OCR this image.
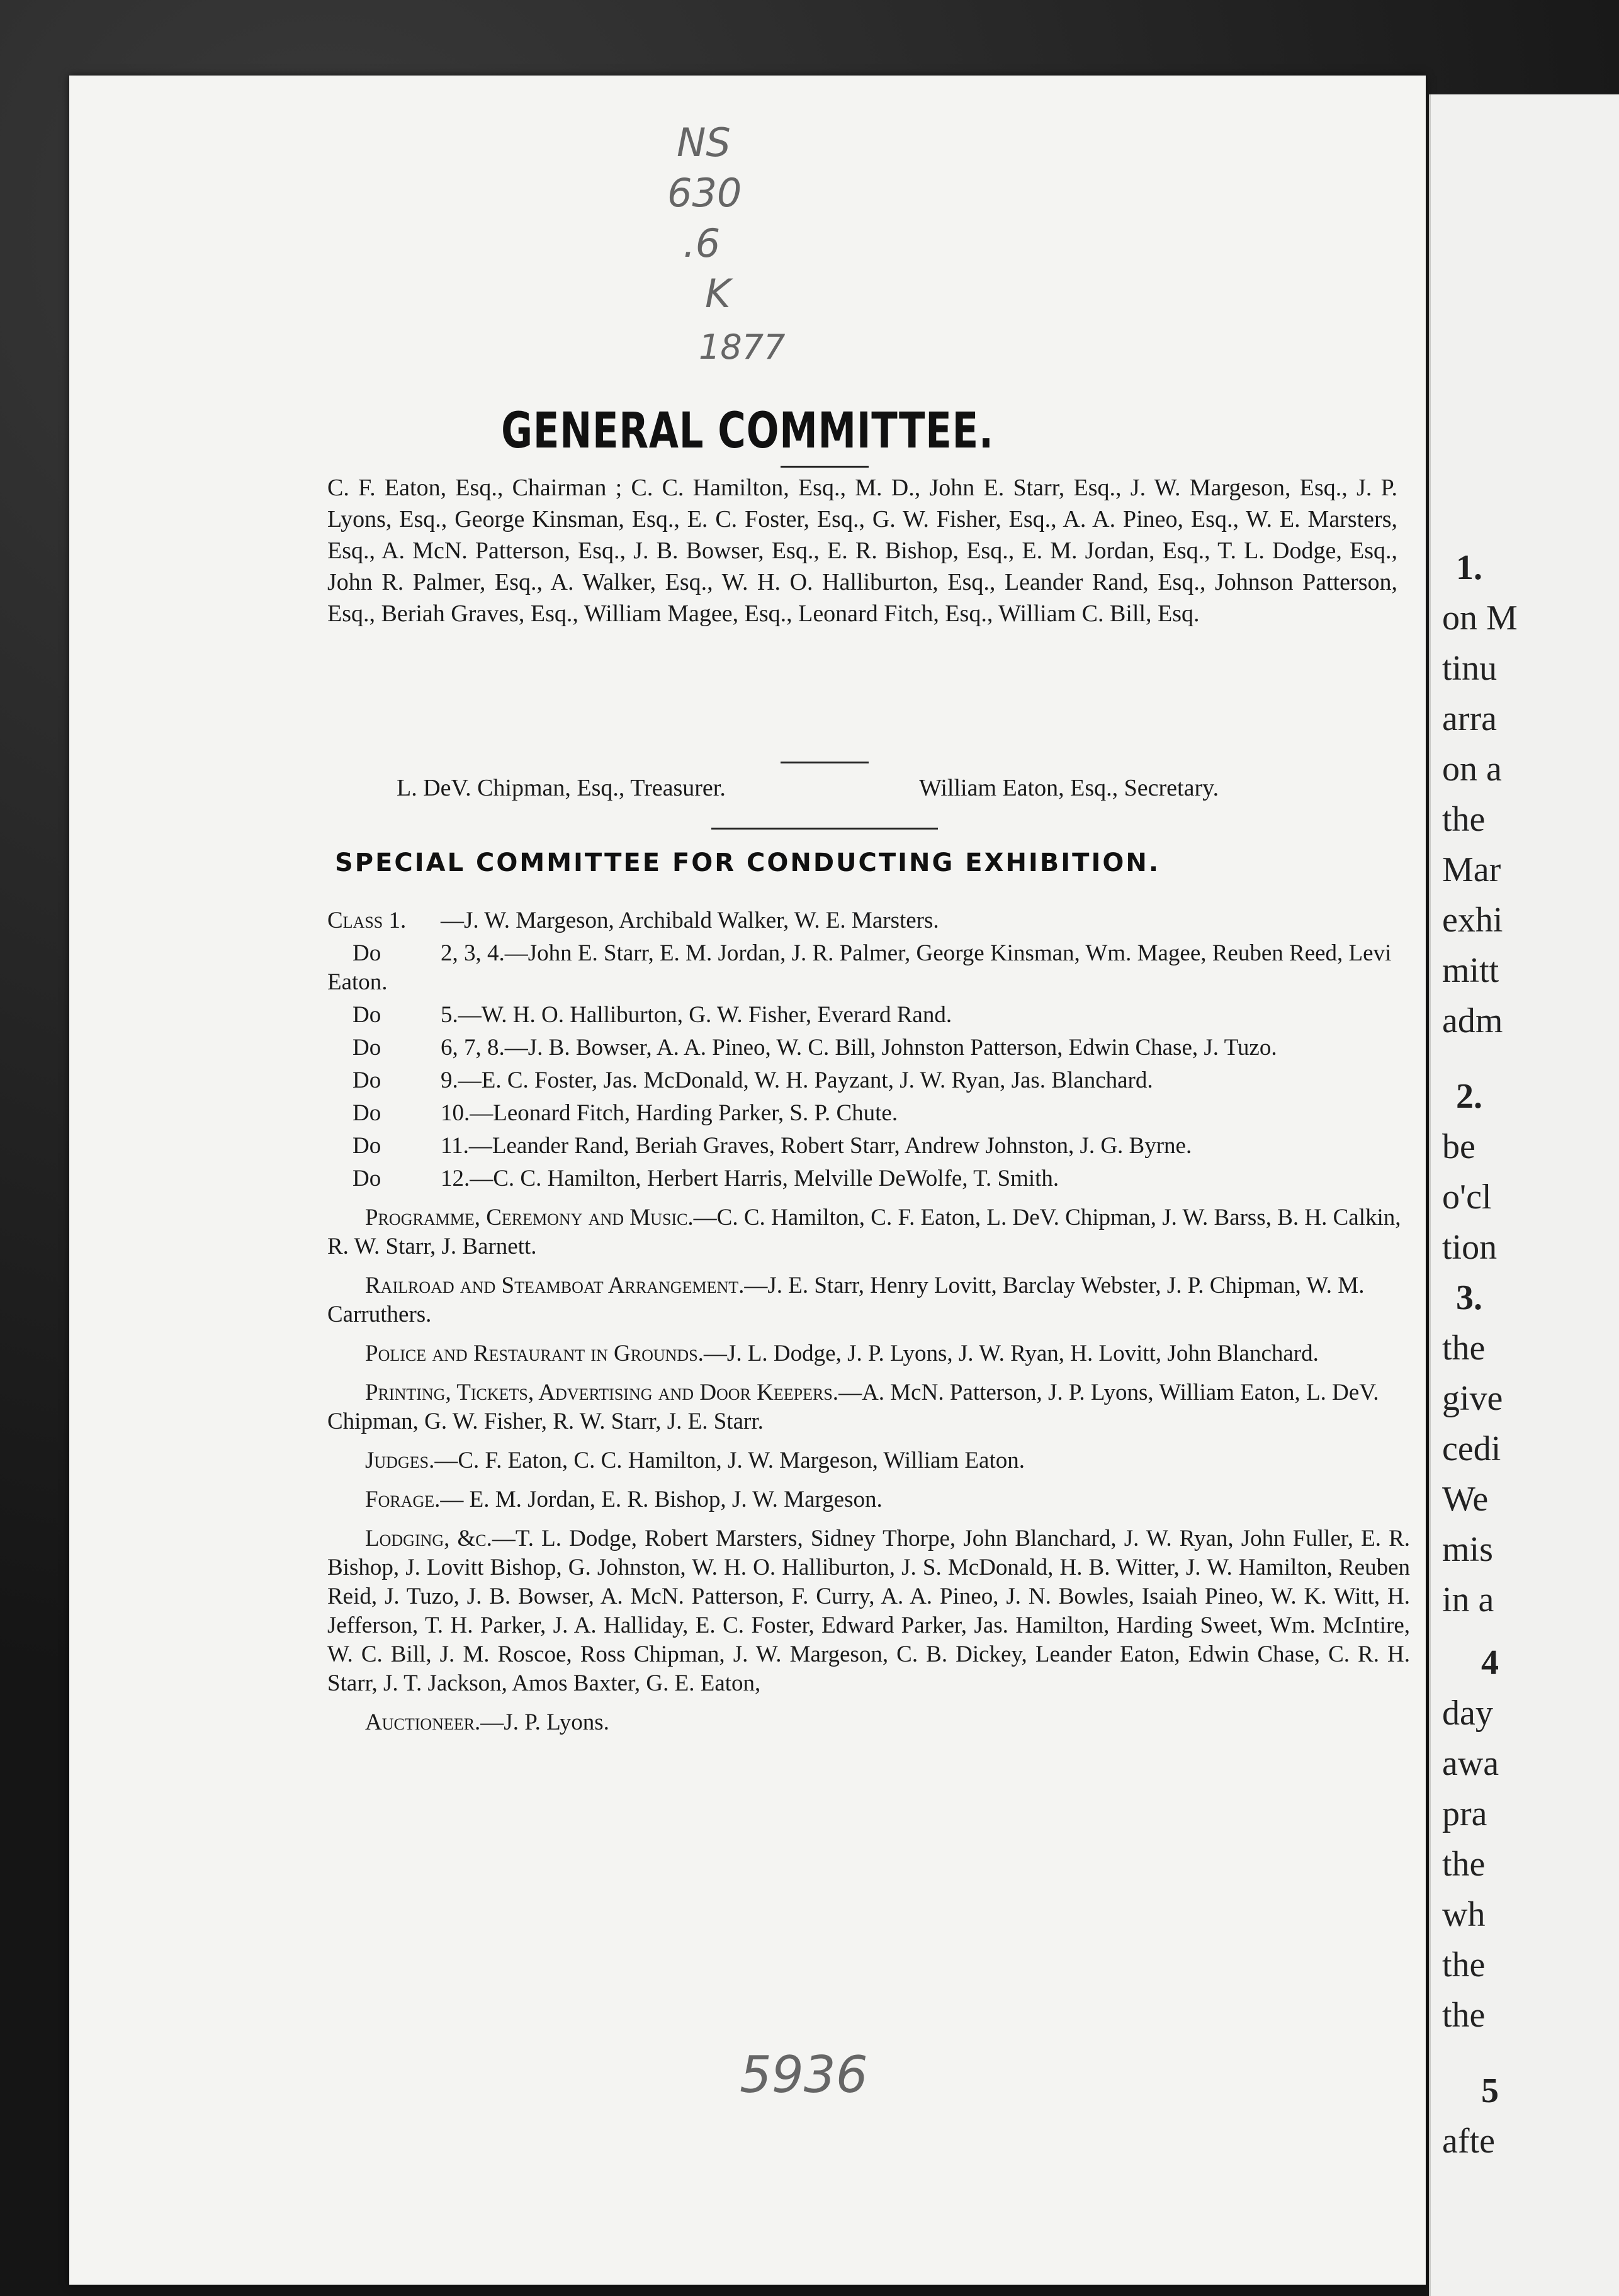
NS
630
.6
K
1877
GENERAL COMMITTEE.
C. F. Eaton, Esq., Chairman ; C. C. Hamilton, Esq., M. D., John E. Starr, Esq., J. W. Margeson, Esq., J. P. Lyons, Esq., George Kinsman, Esq., E. C. Foster, Esq., G. W. Fisher, Esq., A. A. Pineo, Esq., W. E. Marsters, Esq., A. McN. Patterson, Esq., J. B. Bowser, Esq., E. R. Bishop, Esq., E. M. Jordan, Esq., T. L. Dodge, Esq., John R. Palmer, Esq., A. Walker, Esq., W. H. O. Halliburton, Esq., Leander Rand, Esq., Johnson Patterson, Esq., Beriah Graves, Esq., William Magee, Esq., Leonard Fitch, Esq., William C. Bill, Esq.
L. DeV. Chipman, Esq., Treasurer.	William Eaton, Esq., Secretary.
SPECIAL COMMITTEE FOR CONDUCTING EXHIBITION.
Class 1. —J. W. Margeson, Archibald Walker, W. E. Marsters.
Do	2, 3, 4.—John E. Starr, E. M. Jordan, J. R. Palmer, George Kinsman, Wm. Magee, Reuben Reed, Levi Eaton.
Do	5.—W. H. O. Halliburton, G. W. Fisher, Everard Rand.
Do	6, 7, 8.—J. B. Bowser, A. A. Pineo, W. C. Bill, Johnston Patterson, Edwin Chase, J. Tuzo.
Do	9.—E. C. Foster, Jas. McDonald, W. H. Payzant, J. W. Ryan, Jas. Blanchard.
Do	10.—Leonard Fitch, Harding Parker, S. P. Chute.
Do	11.—Leander Rand, Beriah Graves, Robert Starr, Andrew Johnston, J. G. Byrne.
Do	12.—C. C. Hamilton, Herbert Harris, Melville DeWolfe, T. Smith.
Programme, Ceremony and Music.—C. C. Hamilton, C. F. Eaton, L. DeV. Chipman, J. W. Barss, B. H. Calkin, R. W. Starr, J. Barnett.
Railroad and Steamboat Arrangement.—J. E. Starr, Henry Lovitt, Barclay Webster, J. P. Chipman, W. M. Carruthers.
Police and Restaurant in Grounds.—J. L. Dodge, J. P. Lyons, J. W. Ryan, H. Lovitt, John Blanchard.
Printing, Tickets, Advertising and Door Keepers.—A. McN. Patterson, J. P. Lyons, William Eaton, L. DeV. Chipman, G. W. Fisher, R. W. Starr, J. E. Starr.
Judges.—C. F. Eaton, C. C. Hamilton, J. W. Margeson, William Eaton.
Forage.— E. M. Jordan, E. R. Bishop, J. W. Margeson.
Lodging, &c.—T. L. Dodge, Robert Marsters, Sidney Thorpe, John Blanchard, J. W. Ryan, John Fuller, E. R. Bishop, J. Lovitt Bishop, G. Johnston, W. H. O. Halliburton, J. S. McDonald, H. B. Witter, J. W. Hamilton, Reuben Reid, J. Tuzo, J. B. Bowser, A. McN. Patterson, F. Curry, A. A. Pineo, J. N. Bowles, Isaiah Pineo, W. K. Witt, H. Jefferson, T. H. Parker, J. A. Halliday, E. C. Foster, Edward Parker, Jas. Hamilton, Harding Sweet, Wm. McIntire, W. C. Bill, J. M. Roscoe, Ross Chipman, J. W. Margeson, C. B. Dickey, Leander Eaton, Edwin Chase, C. R. H. Starr, J. T. Jackson, Amos Baxter, G. E. Eaton,
Auctioneer.—J. P. Lyons.
5936
1.
on M
tinu
arra
on a
the
Mar
exhi
mitt
adm
2.
be
o'cl
tion
3.
the
give
cedi
We
mis
in a
4
day
awa
pra
the
wh
the
the
5
afte
